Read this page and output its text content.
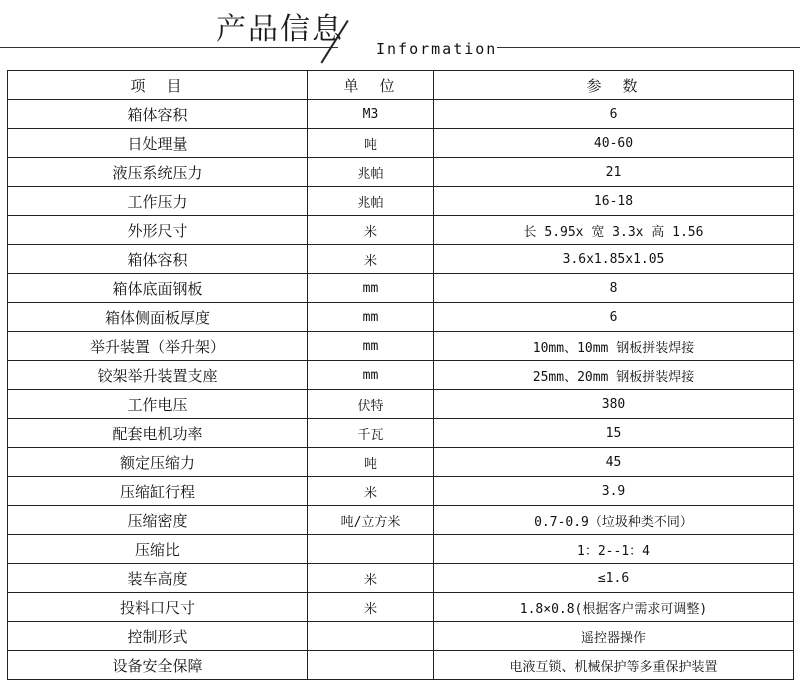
产品信息
Information
项　目	单　位	参　数
箱体容积	M3	6
日处理量	吨	40-60
液压系统压力	兆帕	21
工作压力	兆帕	16-18
外形尺寸	米	长 5.95x 宽 3.3x 高 1.56
箱体容积	米	3.6x1.85x1.05
箱体底面钢板	mm	8
箱体侧面板厚度	mm	6
举升装置（举升架）	mm	10mm、10mm 钢板拼装焊接
铰架举升装置支座	mm	25mm、20mm 钢板拼装焊接
工作电压	伏特	380
配套电机功率	千瓦	15
额定压缩力	吨	45
压缩缸行程	米	3.9
压缩密度	吨/立方米	0.7-0.9（垃圾种类不同）
压缩比		1：2--1：4
装车高度	米	≤1.6
投料口尺寸	米	1.8×0.8(根据客户需求可调整)
控制形式		遥控器操作
设备安全保障		电液互锁、机械保护等多重保护装置
